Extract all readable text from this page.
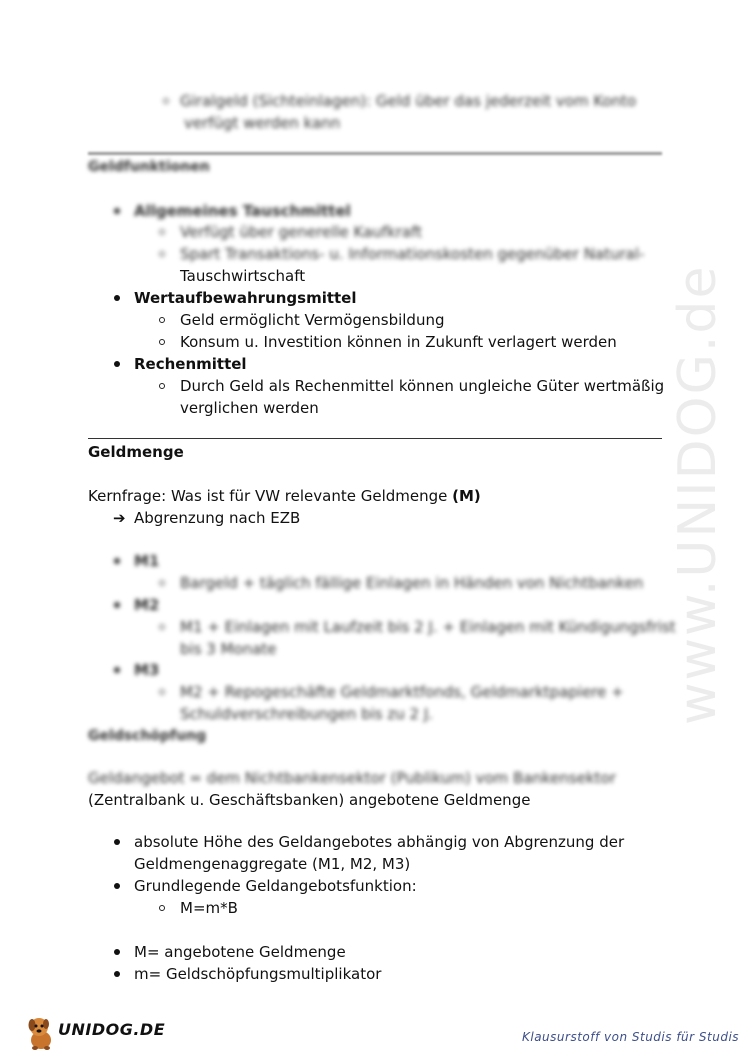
www.UNIDOG.de
Giralgeld (Sichteinlagen): Geld über das jederzeit vom Konto
verfügt werden kann
Geldfunktionen
Allgemeines Tauschmittel
Verfügt über generelle Kaufkraft
Spart Transaktions- u. Informationskosten gegenüber Natural-
Tauschwirtschaft
Wertaufbewahrungsmittel
Geld ermöglicht Vermögensbildung
Konsum u. Investition können in Zukunft verlagert werden
Rechenmittel
Durch Geld als Rechenmittel können ungleiche Güter wertmäßig
verglichen werden
Geldmenge
Kernfrage: Was ist für VW relevante Geldmenge (M)
➔ Abgrenzung nach EZB
M1
Bargeld + täglich fällige Einlagen in Händen von Nichtbanken
M2
M1 + Einlagen mit Laufzeit bis 2 J. + Einlagen mit Kündigungsfrist
bis 3 Monate
M3
M2 + Repogeschäfte Geldmarktfonds, Geldmarktpapiere +
Schuldverschreibungen bis zu 2 J.
Geldschöpfung
Geldangebot = dem Nichtbankensektor (Publikum) vom Bankensektor
(Zentralbank u. Geschäftsbanken) angebotene Geldmenge
absolute Höhe des Geldangebotes abhängig von Abgrenzung der
Geldmengenaggregate (M1, M2, M3)
Grundlegende Geldangebotsfunktion:
M=m*B
M= angebotene Geldmenge
m= Geldschöpfungsmultiplikator
UNIDOG.DE	Klausurstoff von Studis für Studis
